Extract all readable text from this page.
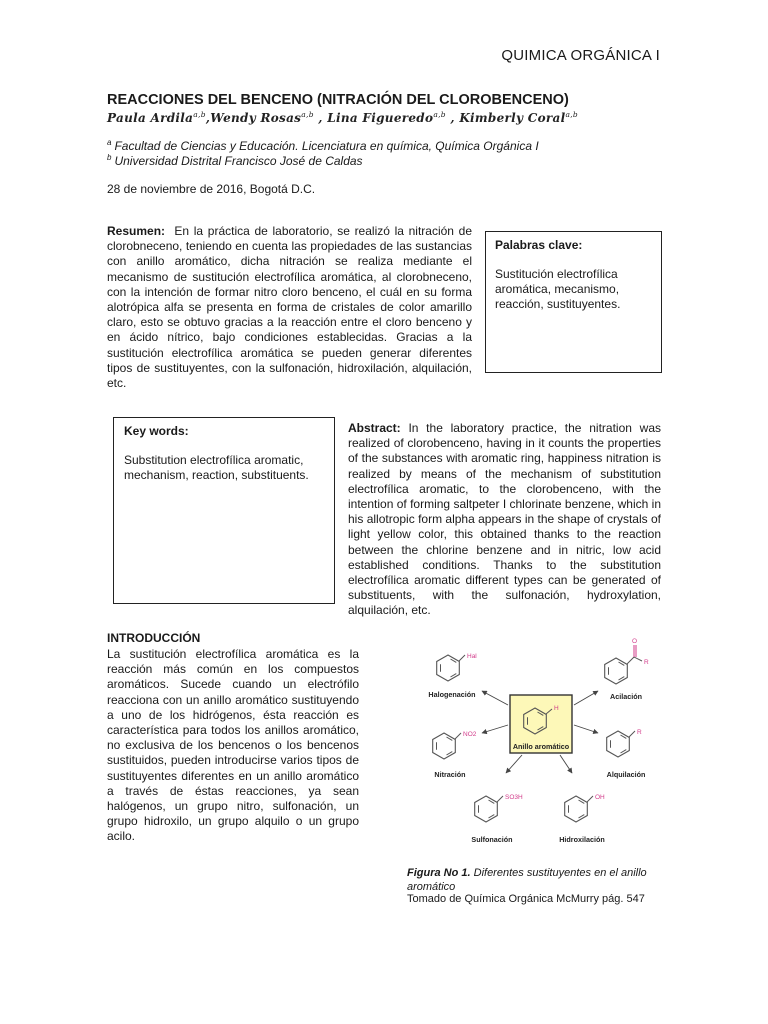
QUIMICA ORGÁNICA I
REACCIONES DEL BENCENO (NITRACIÓN DEL CLOROBENCENO)
Paula Ardila$^{a,b}$,Wendy Rosas$^{a,b}$ , Lina Figueredo$^{a,b}$ , Kimberly Coral$^{a,b}$
$^a$ Facultad de Ciencias y Educación. Licenciatura en química, Química Orgánica I
$^b$ Universidad Distrital Francisco José de Caldas
28 de noviembre de 2016, Bogotá D.C.
Resumen: En la práctica de laboratorio, se realizó la nitración de clorobneceno, teniendo en cuenta las propiedades de las sustancias con anillo aromático, dicha nitración se realiza mediante el mecanismo de sustitución electrofílica aromática, al clorobneceno, con la intención de formar nitro cloro benceno, el cuál en su forma alotrópica alfa se presenta en forma de cristales de color amarillo claro, esto se obtuvo gracias a la reacción entre el cloro benceno y en ácido nítrico, bajo condiciones establecidas. Gracias a la sustitución electrofílica aromática se pueden generar diferentes tipos de sustituyentes, con la sulfonación, hidroxilación, alquilación, etc.
Palabras clave:
Sustitución electrofílica aromática, mecanismo, reacción, sustituyentes.
Key words:
Substitution electrofílica aromatic, mechanism, reaction, substituents.
Abstract: In the laboratory practice, the nitration was realized of clorobenceno, having in it counts the properties of the substances with aromatic ring, happiness nitration is realized by means of the mechanism of substitution electrofílica aromatic, to the clorobenceno, with the intention of forming saltpeter I chlorinate benzene, which in his allotropic form alpha appears in the shape of crystals of light yellow color, this obtained thanks to the reaction between the chlorine benzene and in nitric, low acid established conditions. Thanks to the substitution electrofílica aromatic different types can be generated of substituents, with the sulfonación, hydroxylation, alquilación, etc.
INTRODUCCIÓN
La sustitución electrofílica aromática es la reacción más común en los compuestos aromáticos. Sucede cuando un electrófilo reacciona con un anillo aromático sustituyendo a uno de los hidrógenos, ésta reacción es característica para todos los anillos aromático, no exclusiva de los bencenos o los bencenos sustituidos, pueden introducirse varios tipos de sustituyentes diferentes en un anillo aromático a través de éstas reacciones, ya sean halógenos, un grupo nitro, sulfonación, un grupo hidroxilo, un grupo alquilo o un grupo acilo.
H
Anillo aromático
Hal
Halogenación
O
R
Acilación
NO2
Nitración
R
Alquilación
SO3H
Sulfonación
OH
Hidroxilación
Figura No 1. Diferentes sustituyentes en el anillo aromático
Tomado de Química Orgánica McMurry pág. 547
